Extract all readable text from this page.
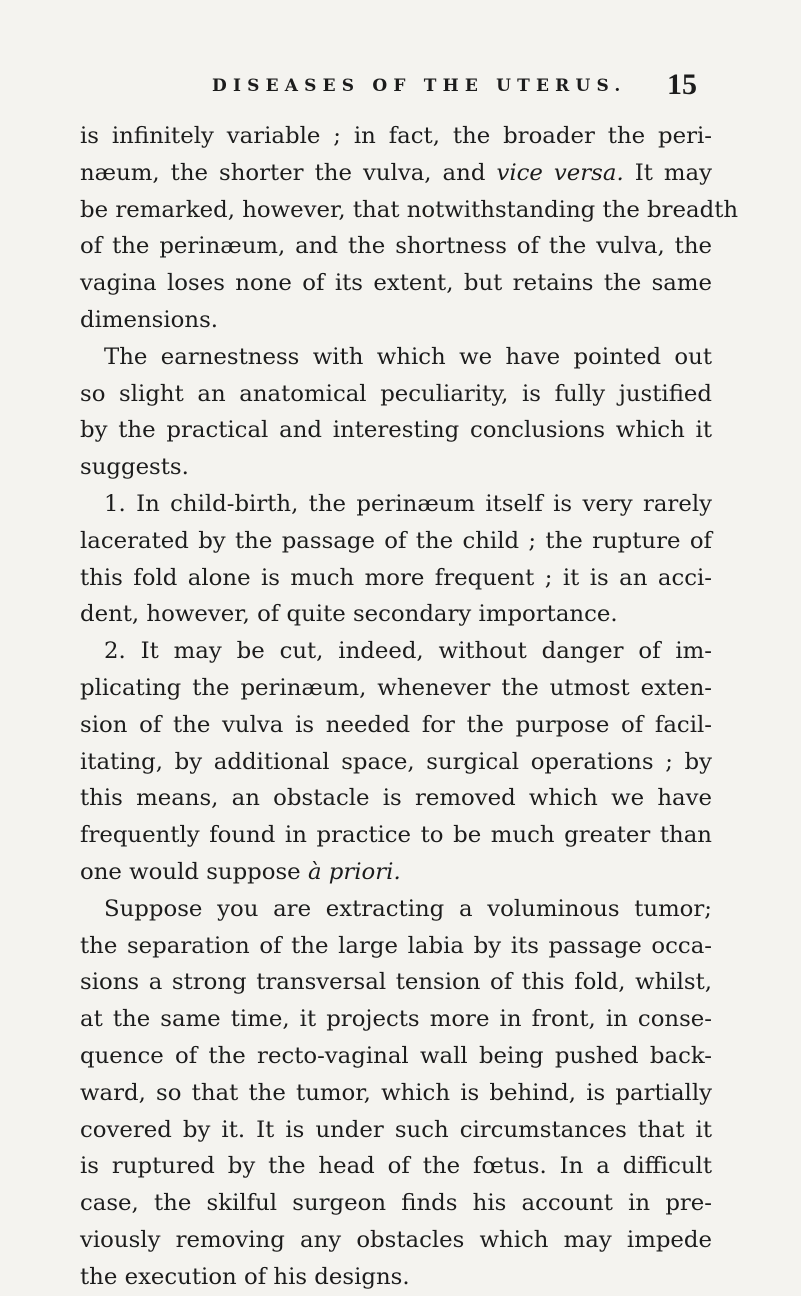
DISEASES OF THE UTERUS. 15
is infinitely variable ; in fact, the broader the peri-
næum, the shorter the vulva, and vice versa. It may
be remarked, however, that notwithstanding the breadth
of the perinæum, and the shortness of the vulva, the
vagina loses none of its extent, but retains the same
dimensions.
The earnestness with which we have pointed out
so slight an anatomical peculiarity, is fully justified
by the practical and interesting conclusions which it
suggests.
1. In child-birth, the perinæum itself is very rarely
lacerated by the passage of the child ; the rupture of
this fold alone is much more frequent ; it is an acci-
dent, however, of quite secondary importance.
2. It may be cut, indeed, without danger of im-
plicating the perinæum, whenever the utmost exten-
sion of the vulva is needed for the purpose of facil-
itating, by additional space, surgical operations ; by
this means, an obstacle is removed which we have
frequently found in practice to be much greater than
one would suppose à priori.
Suppose you are extracting a voluminous tumor;
the separation of the large labia by its passage occa-
sions a strong transversal tension of this fold, whilst,
at the same time, it projects more in front, in conse-
quence of the recto-vaginal wall being pushed back-
ward, so that the tumor, which is behind, is partially
covered by it. It is under such circumstances that it
is ruptured by the head of the fœtus. In a difficult
case, the skilful surgeon finds his account in pre-
viously removing any obstacles which may impede
the execution of his designs.
